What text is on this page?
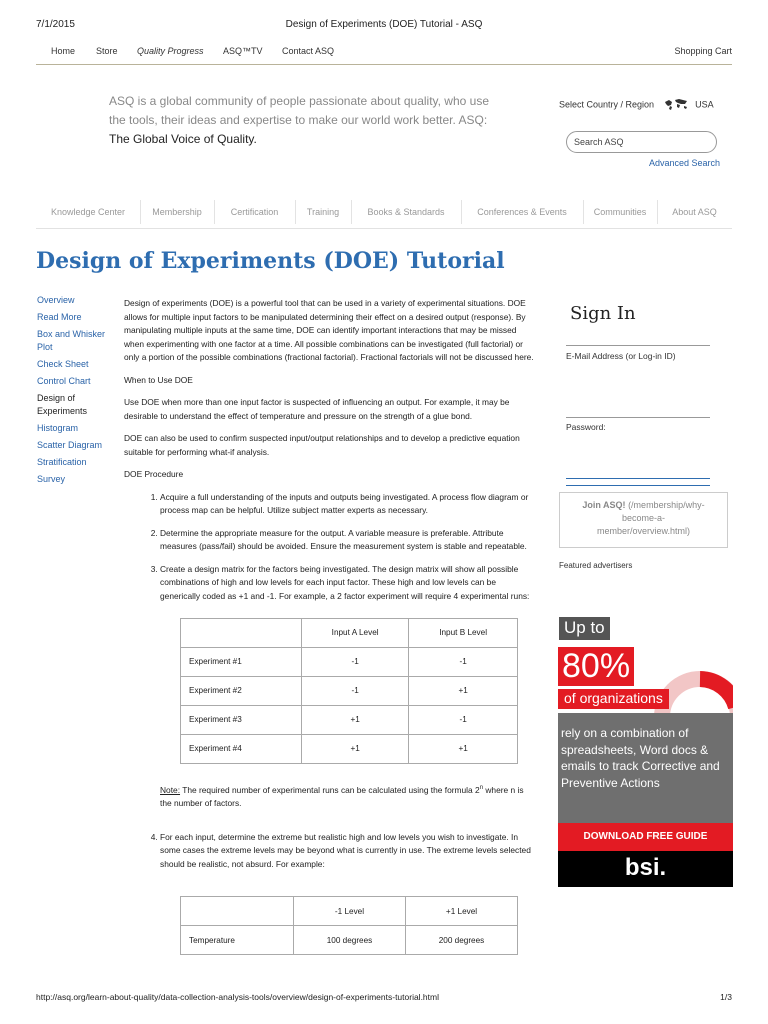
7/1/2015	Design of Experiments (DOE) Tutorial - ASQ
Home Store Quality Progress ASQ™TV Contact ASQ	Shopping Cart
ASQ is a global community of people passionate about quality, who use
the tools, their ideas and expertise to make our world work better. ASQ:
The Global Voice of Quality.
Select Country / Region	USA
Search ASQ
Advanced Search
Knowledge Center	Membership	Certification	Training	Books & Standards	Conferences & Events	Communities	About ASQ
Design of Experiments (DOE) Tutorial
Overview
Read More
Box and Whisker
Plot
Check Sheet
Control Chart
Design of
Experiments
Histogram
Scatter Diagram
Stratification
Survey

Design of experiments (DOE) is a powerful tool that can be used in a variety of experimental situations. DOE allows for multiple input factors to be manipulated determining their effect on a desired output (response). By manipulating multiple inputs at the same time, DOE can identify important interactions that may be missed when experimenting with one factor at a time. All possible combinations can be investigated (full factorial) or only a portion of the possible combinations (fractional factorial). Fractional factorials will not be discussed here.

When to Use DOE

Use DOE when more than one input factor is suspected of influencing an output. For example, it may be desirable to understand the effect of temperature and pressure on the strength of a glue bond.

DOE can also be used to confirm suspected input/output relationships and to develop a predictive equation suitable for performing what-if analysis.

DOE Procedure

1. Acquire a full understanding of the inputs and outputs being investigated. A process flow diagram or process map can be helpful. Utilize subject matter experts as necessary.
2. Determine the appropriate measure for the output. A variable measure is preferable. Attribute measures (pass/fail) should be avoided. Ensure the measurement system is stable and repeatable.
3. Create a design matrix for the factors being investigated. The design matrix will show all possible combinations of high and low levels for each input factor. These high and low levels can be generically coded as +1 and -1. For example, a 2 factor experiment will require 4 experimental runs:
	Input A Level	Input B Level
Experiment #1	-1	-1
Experiment #2	-1	+1
Experiment #3	+1	-1
Experiment #4	+1	+1
Note: The required number of experimental runs can be calculated using the formula 2$^n$ where n is the number of factors.
4. For each input, determine the extreme but realistic high and low levels you wish to investigate. In some cases the extreme levels may be beyond what is currently in use. The extreme levels selected should be realistic, not absurd. For example:
	-1 Level	+1 Level
Temperature	100 degrees	200 degrees
Sign In
E-Mail Address (or Log-in ID)
Password:
Join ASQ! (/membership/why-
become-a-
member/overview.html)
Featured advertisers
Up to
80%
of organizations
rely on a combination of spreadsheets, Word docs & emails to track Corrective and Preventive Actions
DOWNLOAD FREE GUIDE
bsi.
http://asq.org/learn-about-quality/data-collection-analysis-tools/overview/design-of-experiments-tutorial.html	1/3
